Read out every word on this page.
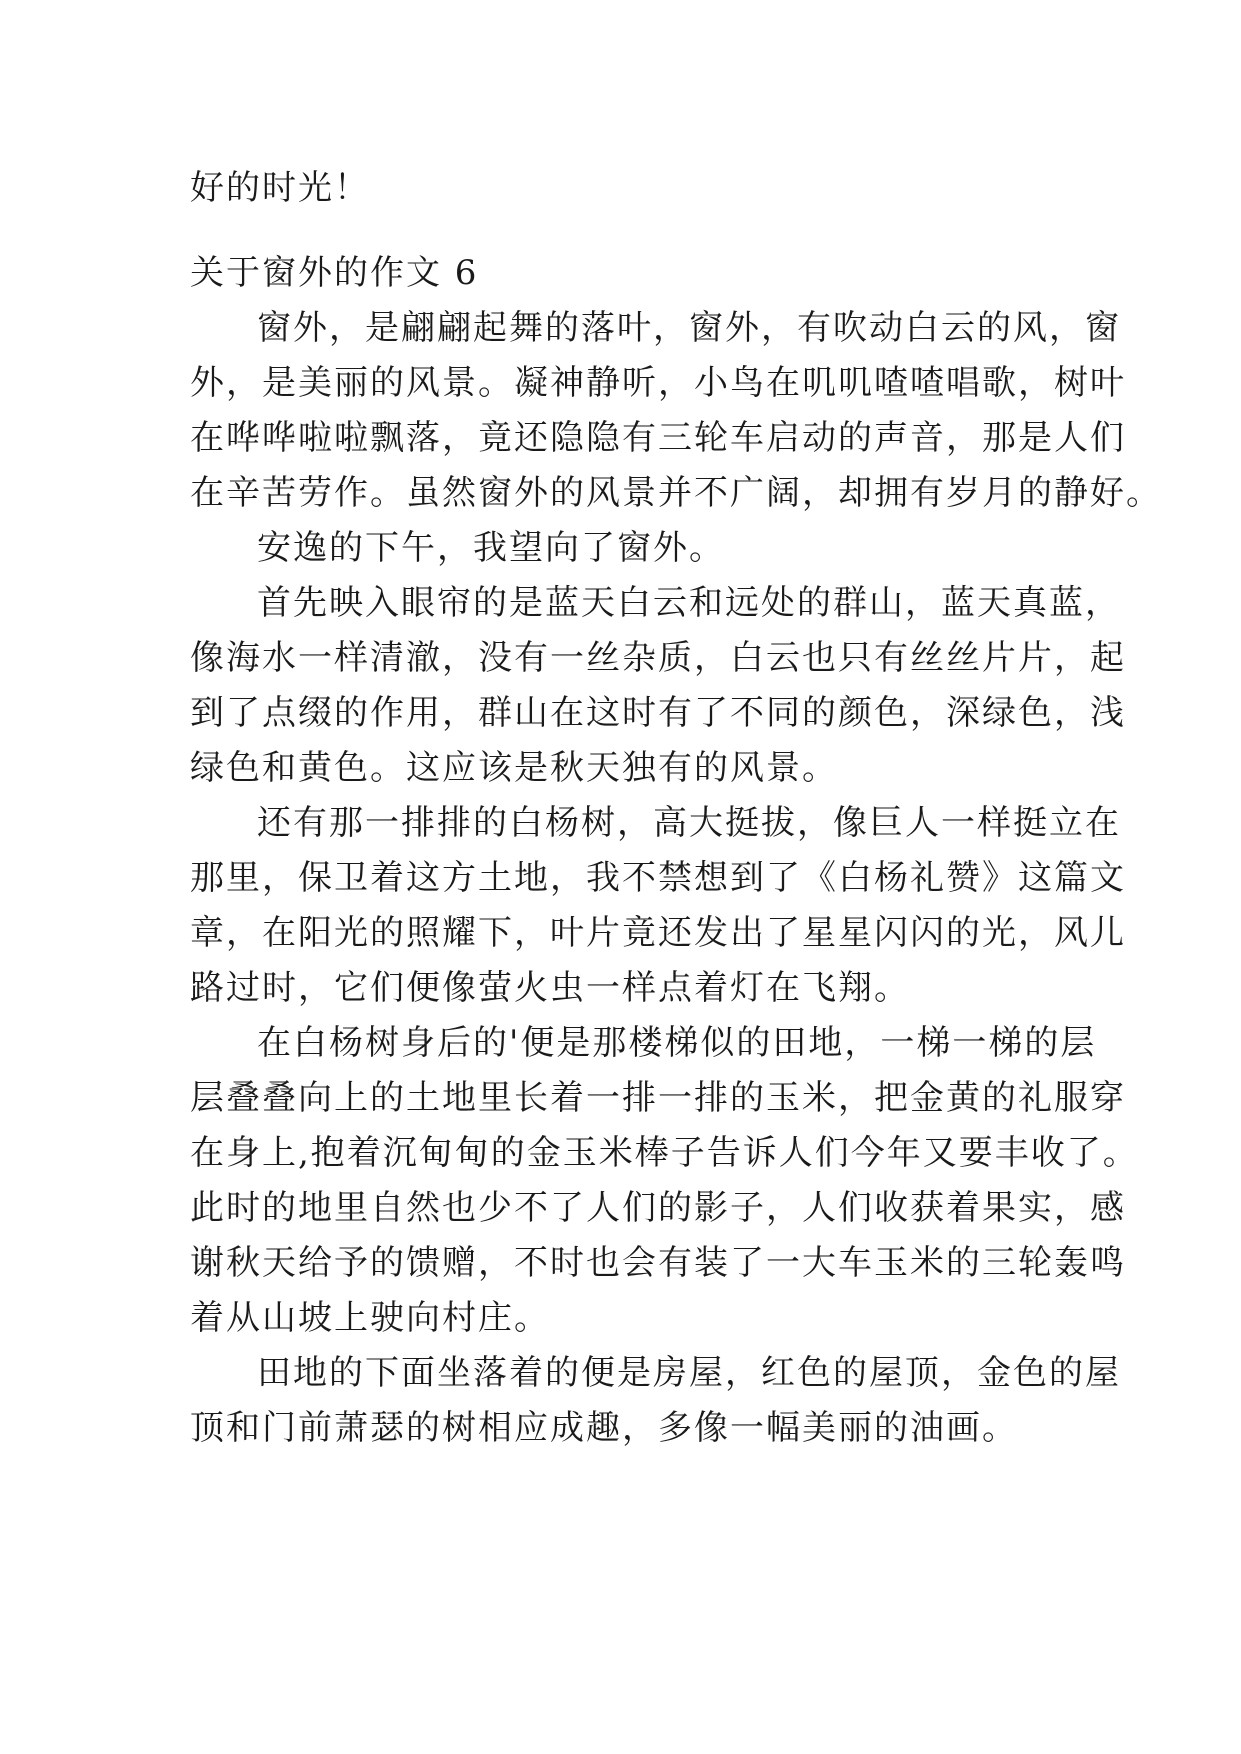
好的时光！
关于窗外的作文 6
窗外，是翩翩起舞的落叶，窗外，有吹动白云的风，窗
外，是美丽的风景。凝神静听，小鸟在叽叽喳喳唱歌，树叶
在哗哗啦啦飘落，竟还隐隐有三轮车启动的声音，那是人们
在辛苦劳作。虽然窗外的风景并不广阔，却拥有岁月的静好。
安逸的下午，我望向了窗外。
首先映入眼帘的是蓝天白云和远处的群山，蓝天真蓝，
像海水一样清澈，没有一丝杂质，白云也只有丝丝片片，起
到了点缀的作用，群山在这时有了不同的颜色，深绿色，浅
绿色和黄色。这应该是秋天独有的风景。
还有那一排排的白杨树，高大挺拔，像巨人一样挺立在
那里，保卫着这方土地，我不禁想到了《白杨礼赞》这篇文
章，在阳光的照耀下，叶片竟还发出了星星闪闪的光，风儿
路过时，它们便像萤火虫一样点着灯在飞翔。
在白杨树身后的'便是那楼梯似的田地，一梯一梯的层
层叠叠向上的土地里长着一排一排的玉米，把金黄的礼服穿
在身上,抱着沉甸甸的金玉米棒子告诉人们今年又要丰收了。
此时的地里自然也少不了人们的影子，人们收获着果实，感
谢秋天给予的馈赠，不时也会有装了一大车玉米的三轮轰鸣
着从山坡上驶向村庄。
田地的下面坐落着的便是房屋，红色的屋顶，金色的屋
顶和门前萧瑟的树相应成趣，多像一幅美丽的油画。
